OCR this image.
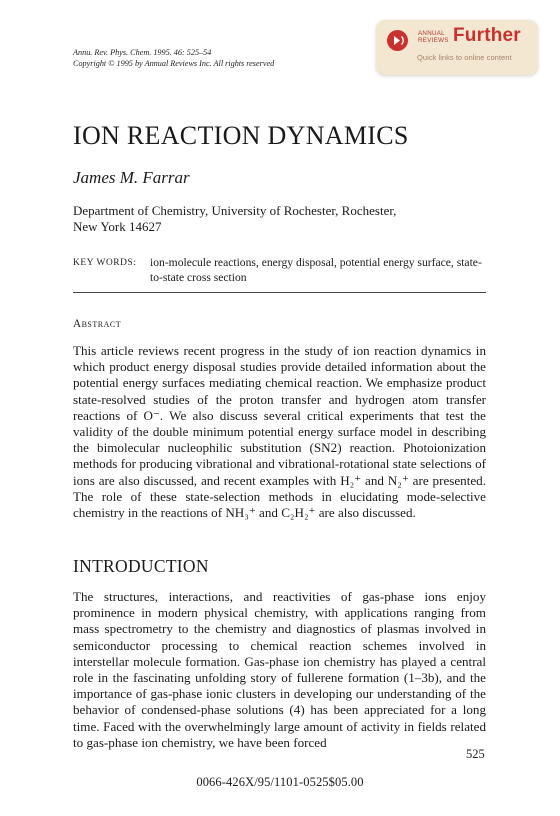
Annu. Rev. Phys. Chem. 1995. 46: 525–54
Copyright © 1995 by Annual Reviews Inc. All rights reserved
ANNUAL
REVIEWS Further
Quick links to online content
ION REACTION DYNAMICS
James M. Farrar
Department of Chemistry, University of Rochester, Rochester,
New York 14627
KEY WORDS: ion-molecule reactions, energy disposal, potential energy surface, state-to-state cross section
Abstract
This article reviews recent progress in the study of ion reaction dynamics in which product energy disposal studies provide detailed information about the potential energy surfaces mediating chemical reaction. We emphasize product state-resolved studies of the proton transfer and hydrogen atom transfer reactions of O⁻. We also discuss several critical experiments that test the validity of the double minimum potential energy surface model in describing the bimolecular nucleophilic substitution (SN2) reaction. Photoionization methods for producing vibrational and vibrational-rotational state selections of ions are also discussed, and recent examples with H₂⁺ and N₂⁺ are presented. The role of these state-selection methods in elucidating mode-selective chemistry in the reactions of NH₃⁺ and C₂H₂⁺ are also discussed.
INTRODUCTION
The structures, interactions, and reactivities of gas-phase ions enjoy prominence in modern physical chemistry, with applications ranging from mass spectrometry to the chemistry and diagnostics of plasmas involved in semiconductor processing to chemical reaction schemes involved in interstellar molecule formation. Gas-phase ion chemistry has played a central role in the fascinating unfolding story of fullerene formation (1–3b), and the importance of gas-phase ionic clusters in developing our understanding of the behavior of condensed-phase solutions (4) has been appreciated for a long time. Faced with the overwhelmingly large amount of activity in fields related to gas-phase ion chemistry, we have been forced
525
0066-426X/95/1101-0525$05.00
